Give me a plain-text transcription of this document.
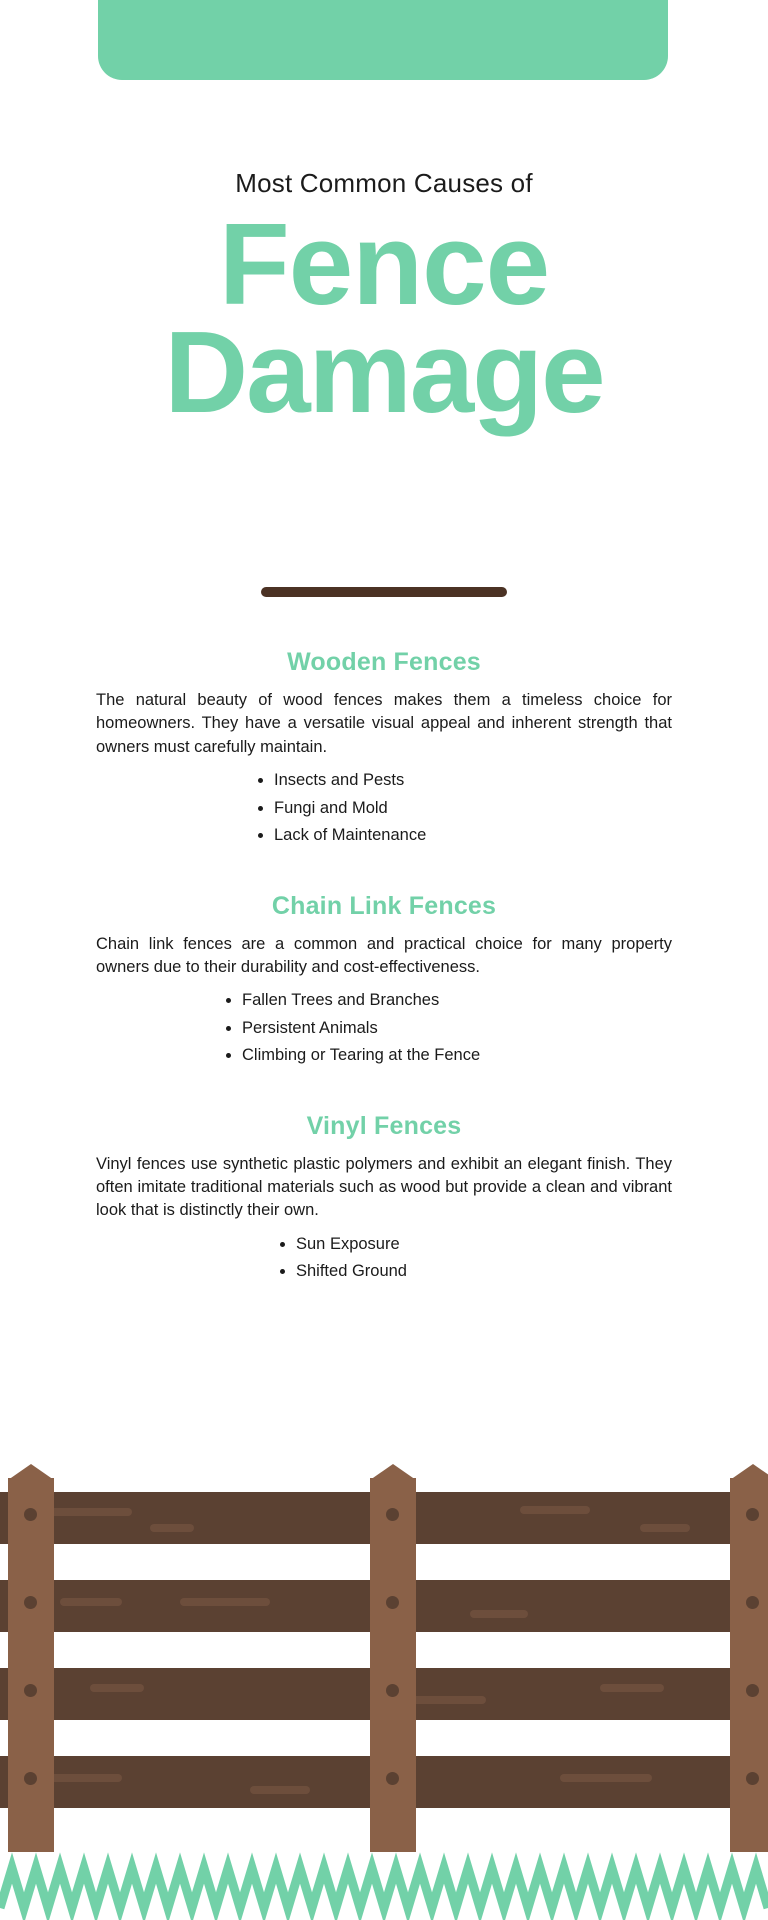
Most Common Causes of
Fence
Damage
Wooden Fences

The natural beauty of wood fences makes them a timeless choice for homeowners. They have a versatile visual appeal and inherent strength that owners must carefully maintain.

Insects and Pests
Fungi and Mold
Lack of Maintenance
Chain Link Fences

Chain link fences are a common and practical choice for many property owners due to their durability and cost-effectiveness.

Fallen Trees and Branches
Persistent Animals
Climbing or Tearing at the Fence
Vinyl Fences

Vinyl fences use synthetic plastic polymers and exhibit an elegant finish. They often imitate traditional materials such as wood but provide a clean and vibrant look that is distinctly their own.

Sun Exposure
Shifted Ground
